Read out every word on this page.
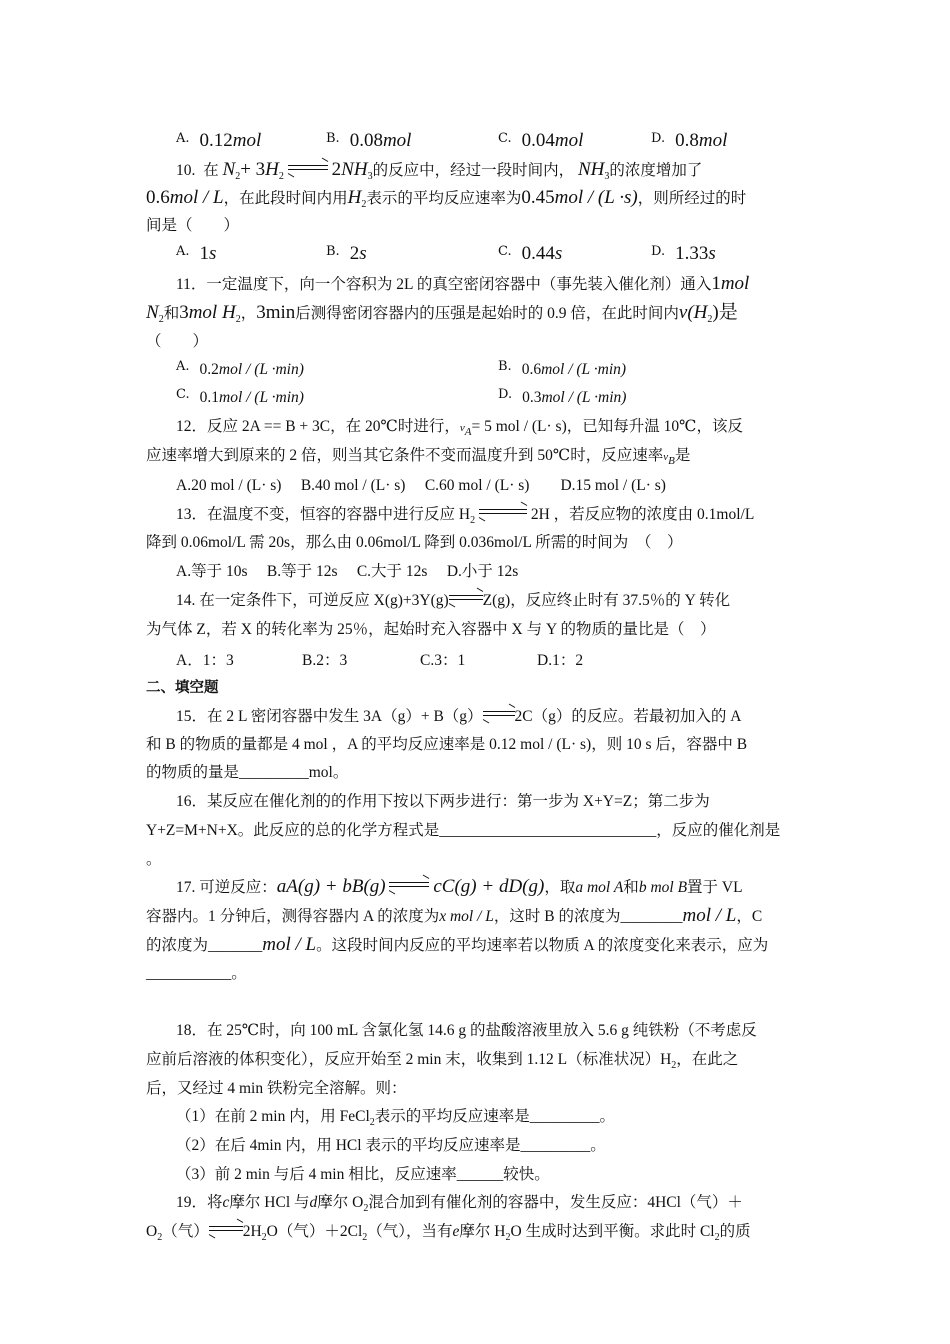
$^{A.}$ 0.12mol	$^{B.}$ 0.08mol	$^{C.}$ 0.04mol	$^{D.}$ 0.8mol
10. 在 $N_2+ 3H_2$	$2NH_3$的反应中，经过一段时间内， $NH_3$的浓度增加了
0.6mol / L，在此段时间内用$H_2$表示的平均反应速率为0.45mol / (L ·s)，则所经过的时
间是（　　）
$^{A.}$ 1s	$^{B.}$ 2s	$^{C.}$ 0.44s	$^{D.}$ 1.33s
11．一定温度下，向一个容积为 2L 的真空密闭容器中（事先装入催化剂）通入1mol
$N_2$和3mol $H_2$，3min后测得密闭容器内的压强是起始时的 0.9 倍，在此时间内$v(H_2)$是
（　　）
$^{A.}$ 0.2mol / (L ·min)	$^{B.}$ 0.6mol / (L ·min)
$^{C.}$ 0.1mol / (L ·min)	$^{D.}$ 0.3mol / (L ·min)
12．反应 2A == B + 3C，在 20℃时进行，$\nu_A= 5$ mol / (L· s)，已知每升温 10℃，该反
应速率增大到原来的 2 倍，则当其它条件不变而温度升到 50℃时，反应速率$\nu_B$是
A.20 mol / (L· s)　 B.40 mol / (L· s)　 C.60 mol / (L· s)　　D.15 mol / (L· s)
13．在温度不变，恒容的容器中进行反应 $H_2$	2H ，若反应物的浓度由 0.1mol/L
降到 0.06mol/L 需 20s，那么由 0.06mol/L 降到 0.036mol/L 所需的时间为　（　）
A.等于 10s　 B.等于 12s　 C.大于 12s　 D.小于 12s
14. 在一定条件下，可逆反应 X(g)+3Y(g) Z(g)，反应终止时有 37.5％的 Y 转化
为气体 Z，若 X 的转化率为 25％，起始时充入容器中 X 与 Y 的物质的量比是（　）
A．1：3	B.2：3	C.3：1	D.1：2
二、填空题
15．在 2 L 密闭容器中发生 3A（g）+ B（g） 2C（g）的反应。若最初加入的 A
和 B 的物质的量都是 4 mol ，A 的平均反应速率是 0.12 mol / (L· s)，则 10 s 后，容器中 B
的物质的量是_________mol。
16．某反应在催化剂的的作用下按以下两步进行：第一步为 X+Y=Z；第二步为
Y+Z=M+N+X。此反应的总的化学方程式是____________________________，反应的催化剂是
。
17. 可逆反应：aA(g) + bB(g)	cC(g) + dD(g)，取a mol A和b mol B置于 VL
容器内。1 分钟后，测得容器内 A 的浓度为x mol / L，这时 B 的浓度为________mol / L，C
的浓度为_______mol / L。这段时间内反应的平均速率若以物质 A 的浓度变化来表示，应为
___________。
18．在 25℃时，向 100 mL 含氯化氢 14.6 g 的盐酸溶液里放入 5.6 g 纯铁粉（不考虑反
应前后溶液的体积变化），反应开始至 2 min 末，收集到 1.12 L（标准状况）$H_2$，在此之
后，又经过 4 min 铁粉完全溶解。则：
（1）在前 2 min 内，用 FeCl$_2$表示的平均反应速率是_________。
（2）在后 4min 内，用 HCl 表示的平均反应速率是_________。
（3）前 2 min 与后 4 min 相比，反应速率______较快。
19．将c摩尔 HCl 与d摩尔 $O_2$混合加到有催化剂的容器中，发生反应：4HCl（气）＋
$O_2$（气） $2H_2O$（气）$+2Cl_2$（气），当有e摩尔 $H_2O$ 生成时达到平衡。求此时 $Cl_2$的质
